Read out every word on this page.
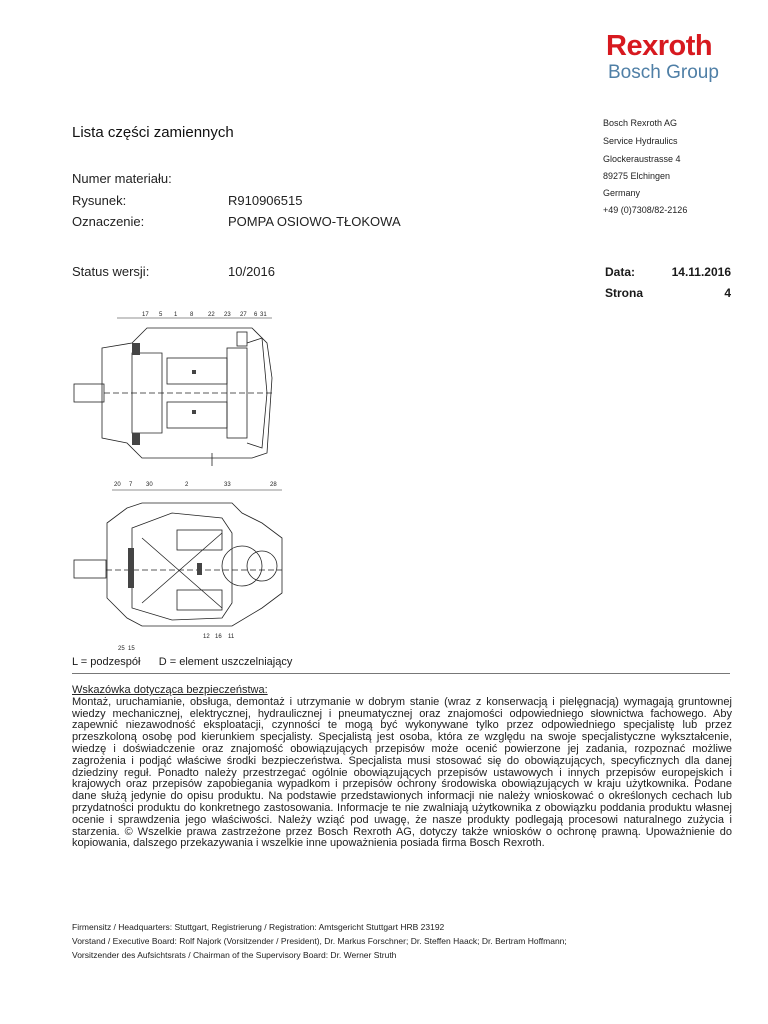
Rexroth
Bosch Group
Bosch Rexroth AG
Service Hydraulics
Glockeraustrasse 4
89275 Elchingen
Germany
+49 (0)7308/82-2126
Lista części zamiennych
Numer materiału:
Rysunek:	R910906515
Oznaczenie:	POMPA OSIOWO-TŁOKOWA
Status wersji:	10/2016	Data:	14.11.2016
Strona	4
17 5 1 8 22 23 27 6 31
20 7 30	2	33	28
25 15
12 16 11
L = podzespół      D = element uszczelniający
Wskazówka dotycząca bezpieczeństwa:
Montaż, uruchamianie, obsługa, demontaż i utrzymanie w dobrym stanie (wraz z konserwacją i pielęgnacją) wymagają gruntownej wiedzy mechanicznej, elektrycznej, hydraulicznej i pneumatycznej oraz znajomości odpowiedniego słownictwa fachowego. Aby zapewnić niezawodność eksploatacji, czynności te mogą być wykonywane tylko przez odpowiedniego specjalistę lub przez przeszkoloną osobę pod kierunkiem specjalisty. Specjalistą jest osoba, która ze względu na swoje specjalistyczne wykształcenie, wiedzę i doświadczenie oraz znajomość obowiązujących przepisów może ocenić powierzone jej zadania, rozpoznać możliwe zagrożenia i podjąć właściwe środki bezpieczeństwa. Specjalista musi stosować się do obowiązujących, specyficznych dla danej dziedziny reguł. Ponadto należy przestrzegać ogólnie obowiązujących przepisów ustawowych i innych przepisów europejskich i krajowych oraz przepisów zapobiegania wypadkom i przepisów ochrony środowiska obowiązujących w kraju użytkownika. Podane dane służą jedynie do opisu produktu. Na podstawie przedstawionych informacji nie należy wnioskować o określonych cechach lub przydatności produktu do konkretnego zastosowania. Informacje te nie zwalniają użytkownika z obowiązku poddania produktu własnej ocenie i sprawdzenia jego właściwości. Należy wziąć pod uwagę, że nasze produkty podlegają procesowi naturalnego zużycia i starzenia. © Wszelkie prawa zastrzeżone przez Bosch Rexroth AG, dotyczy także wniosków o ochronę prawną. Upoważnienie do kopiowania, dalszego przekazywania i wszelkie inne upoważnienia posiada firma Bosch Rexroth.
Firmensitz / Headquarters: Stuttgart, Registrierung / Registration: Amtsgericht Stuttgart HRB 23192
Vorstand / Executive Board: Rolf Najork (Vorsitzender / President), Dr. Markus Forschner; Dr. Steffen Haack; Dr. Bertram Hoffmann;
Vorsitzender des Aufsichtsrats / Chairman of the Supervisory Board: Dr. Werner Struth
